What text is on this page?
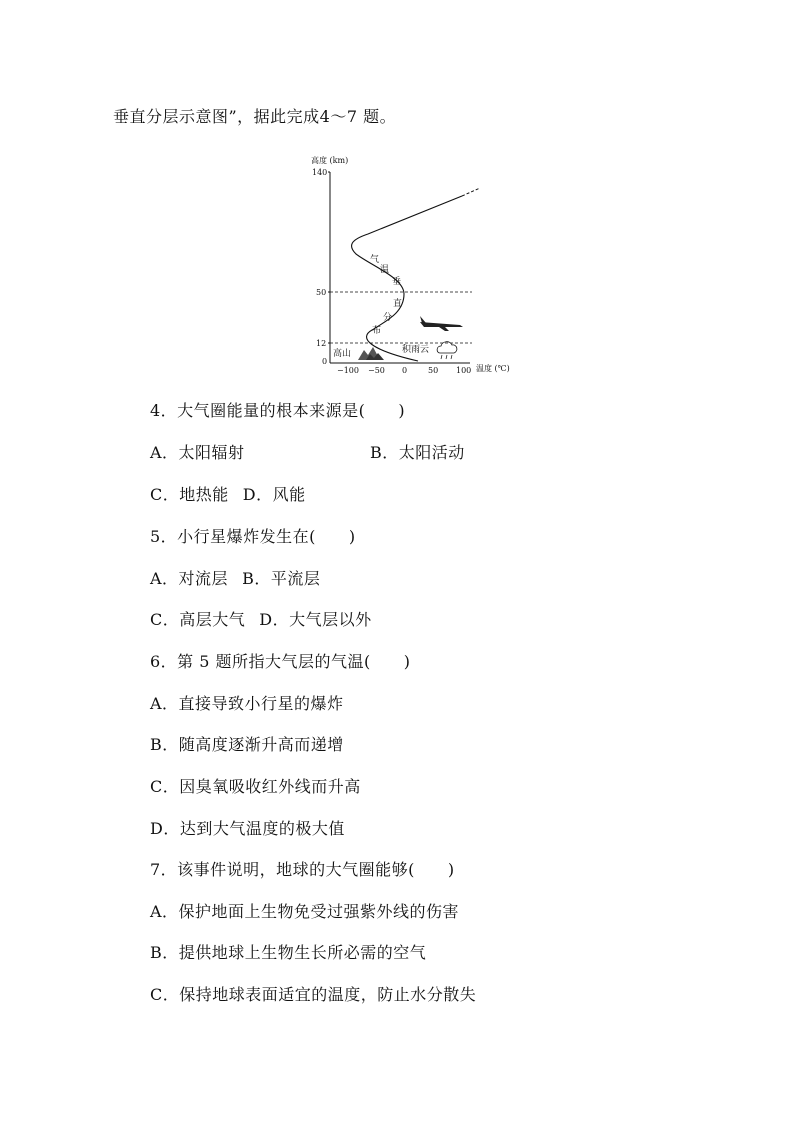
垂直分层示意图”，据此完成4～7 题。
高度 (km)
140
50
12
0
−100 −50 0	50 100 温度 (℃)
气
温
垂
直
分
布
高山	积雨云
4．大气圈能量的根本来源是(　　)
A．太阳辐射	B．太阳活动
C．地热能 D．风能
5．小行星爆炸发生在(　　)
A．对流层 B．平流层
C．高层大气 D．大气层以外
6．第 5 题所指大气层的气温(　　)
A．直接导致小行星的爆炸
B．随高度逐渐升高而递增
C．因臭氧吸收红外线而升高
D．达到大气温度的极大值
7．该事件说明，地球的大气圈能够(　　)
A．保护地面上生物免受过强紫外线的伤害
B．提供地球上生物生长所必需的空气
C．保持地球表面适宜的温度，防止水分散失
